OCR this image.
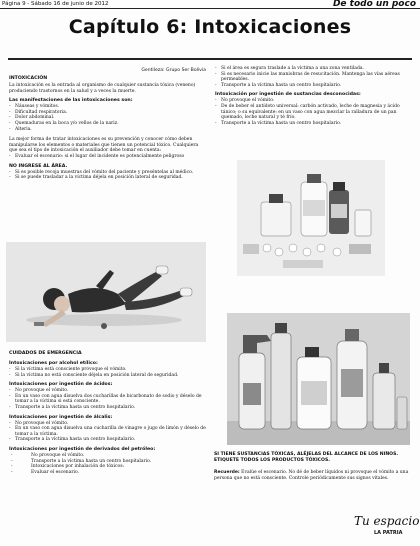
Página 9 - Sábado 16 de junio de 2012	De todo un poco
Capítulo 6: Intoxicaciones
Gentileza: Grupo Ser Bolivia
INTOXICACIÓN
La intoxicación es la entrada al organismo de cualquier sustancia tóxica (veneno) produciendo trastornos en la salud y a veces la muerte.
Las manifestaciones de las intoxicaciones son:
- Náuseas y vómitos.
- Dificultad respiratoria.
- Dolor abdominal.
- Quemaduras en la boca y/o vellos de la nariz.
- Alteria.
La mejor forma de tratar intoxicaciones es su prevención y conocer cómo deben manipularse los elementos o materiales que tienen un potencial tóxico. Cualquiera que sea el tipo de intoxicación el auxiliador debe tomar en cuenta:
- Evaluar el escenario: si el lugar del incidente es potencialmente peligroso
NO INGRESE AL ÁREA.
- Si es posible recoja muestras del vómito del paciente y preséntelas al médico.
- Si se puede trasladar a la víctima déjela en posición lateral de seguridad.
CUIDADOS DE EMERGENCIA
Intoxicaciones por alcohol etílico:
- Si la víctima está consciente provoque el vómito.
- Si la víctima no está consciente déjela en posición lateral de seguridad.
Intoxicaciones por ingestión de ácidos:
- No provoque el vómito.
- En un vaso con agua disuelva dos cucharillas de bicarbonato de sodio y déselo de tomar a la víctima si está consciente.
- Transporte a la víctima hasta un centro hospitalario.
Intoxicaciones por ingestión de álcalis:
- No provoque el vómito.
- En un vaso con agua disuelva una cucharilla de vinagre o jugo de limón y déselo de tomar a la víctima.
- Transporte a la víctima hasta un centro hospitalario.
Intoxicaciones por ingestión de derivados del petróleo:
- No provoque el vómito.
- Transporte a la víctima hasta un centro hospitalario.
- Intoxicaciones por inhalación de tóxicos:
- Evaluar el escenario.
- Si el área es segura traslade a la víctima a una zona ventilada.
- Si es necesario inicie las maniobras de resucitación. Mantenga las vías aéreas permeables.
- Transporte a la víctima hasta un centro hospitalario.
Intoxicación por ingestión de sustancias desconocidas:
- No provoque el vómito.
- De de beber el antídoto universal: carbón activado, leche de magnesia y ácido tánico; o su equivalente: en un vaso con agua mezclar la ralladura de un pan quemado, leche natural y té frío.
- Transporte a la víctima hasta un centro hospitalario.
SI TIENE SUSTANCIAS TÓXICAS, ALÉJELAS DEL ALCANCE DE LOS NIÑOS. ETIQUETE TODOS LOS PRODUCTOS TÓXICOS.
Recuerde: Evalúe el escenario. No dé de beber líquidos ni provoque el vómito a una persona que no está consciente. Controle periódicamente sus signos vitales.
Tu espacio
LA PATRIA
